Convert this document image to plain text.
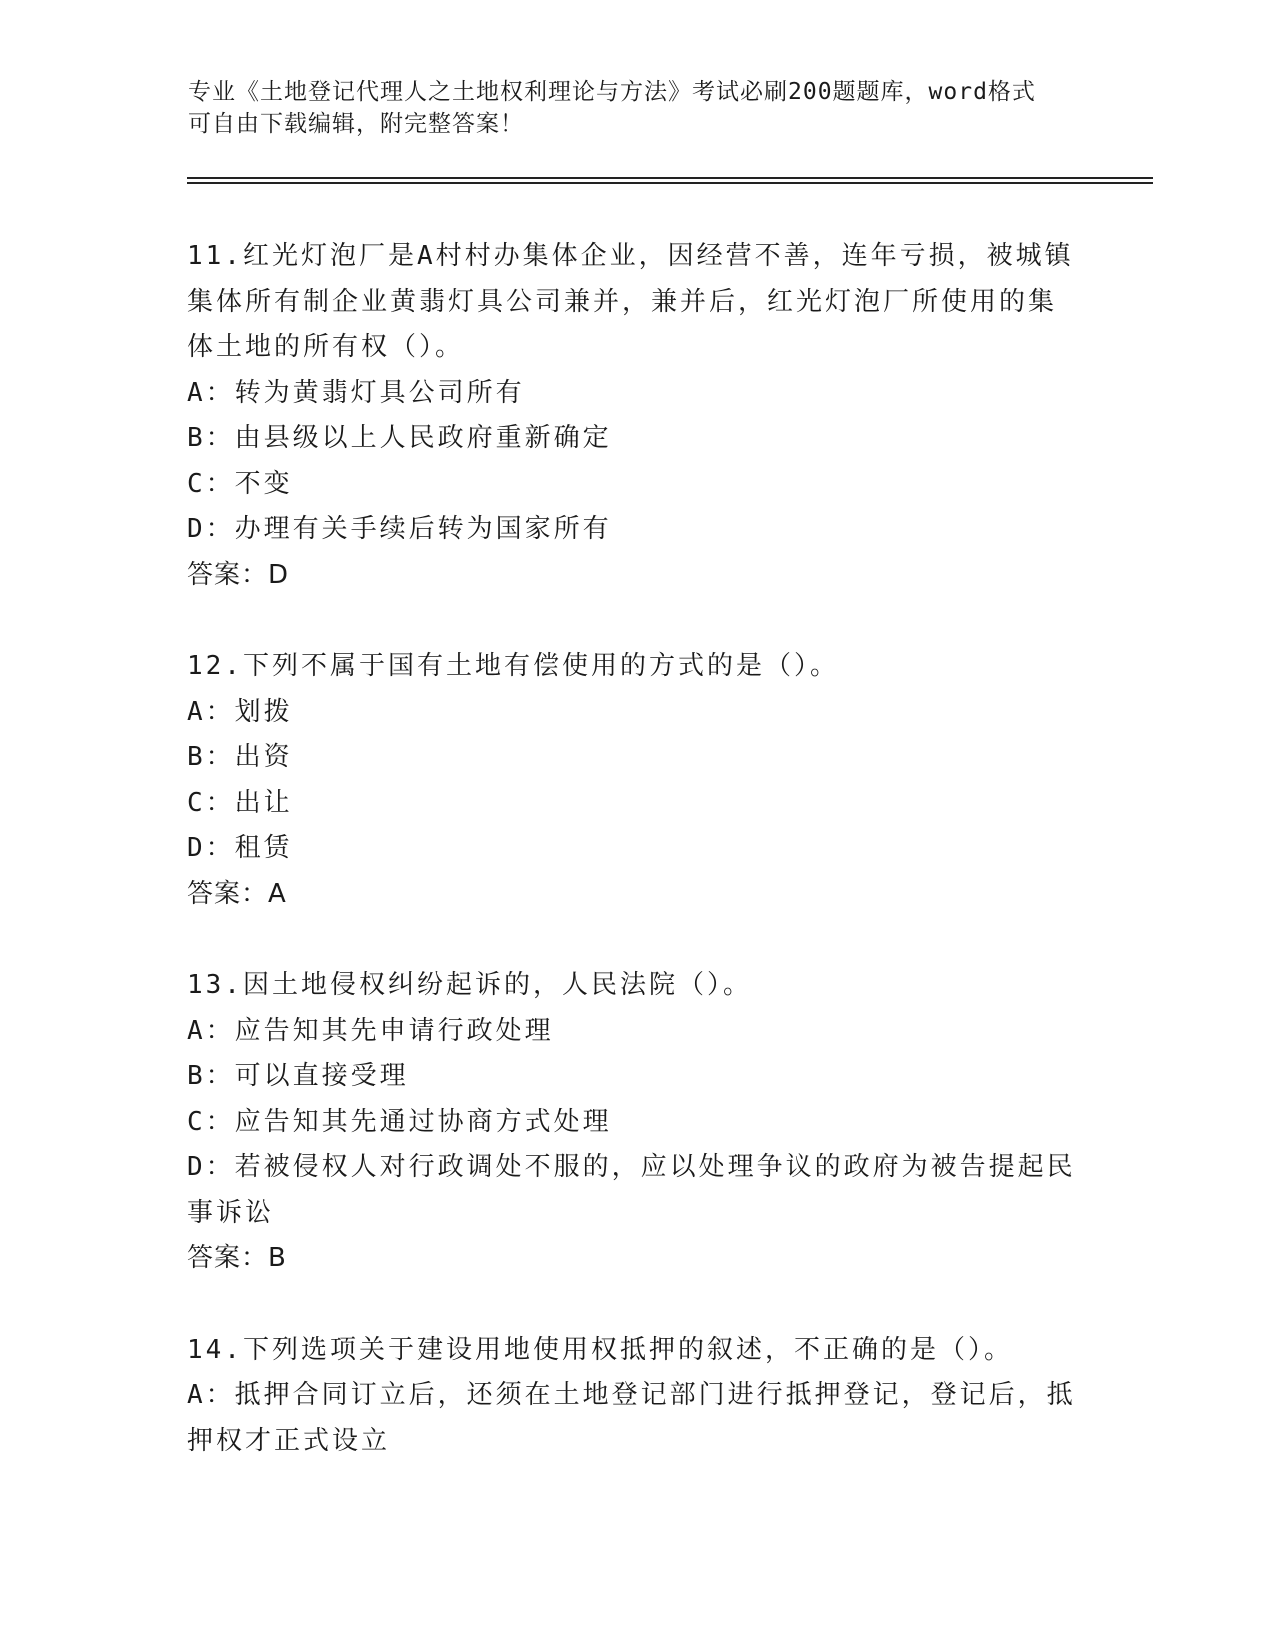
专业《土地登记代理人之土地权利理论与方法》考试必刷200题题库，word格式
可自由下载编辑，附完整答案！
11.红光灯泡厂是A村村办集体企业，因经营不善，连年亏损，被城镇
集体所有制企业黄翡灯具公司兼并，兼并后，红光灯泡厂所使用的集
体土地的所有权（）。
A：转为黄翡灯具公司所有
B：由县级以上人民政府重新确定
C：不变
D：办理有关手续后转为国家所有
答案：D
12.下列不属于国有土地有偿使用的方式的是（）。
A：划拨
B：出资
C：出让
D：租赁
答案：A
13.因土地侵权纠纷起诉的，人民法院（）。
A：应告知其先申请行政处理
B：可以直接受理
C：应告知其先通过协商方式处理
D：若被侵权人对行政调处不服的，应以处理争议的政府为被告提起民
事诉讼
答案：B
14.下列选项关于建设用地使用权抵押的叙述，不正确的是（）。
A：抵押合同订立后，还须在土地登记部门进行抵押登记，登记后，抵
押权才正式设立
